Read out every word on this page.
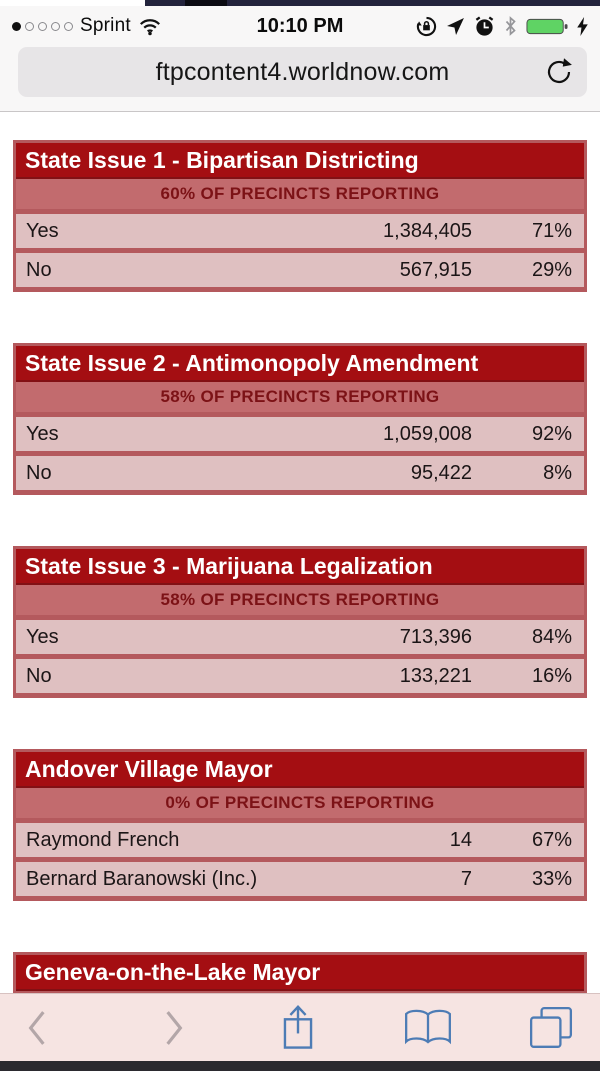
Sprint	10:10 PM
ftpcontent4.worldnow.com
State Issue 1 - Bipartisan Districting
60% OF PRECINCTS REPORTING
Yes	1,384,405	71%
No	567,915	29%
State Issue 2 - Antimonopoly Amendment
58% OF PRECINCTS REPORTING
Yes	1,059,008	92%
No	95,422	8%
State Issue 3 - Marijuana Legalization
58% OF PRECINCTS REPORTING
Yes	713,396	84%
No	133,221	16%
Andover Village Mayor
0% OF PRECINCTS REPORTING
Raymond French	14	67%
Bernard Baranowski (Inc.)	7	33%
Geneva-on-the-Lake Mayor
